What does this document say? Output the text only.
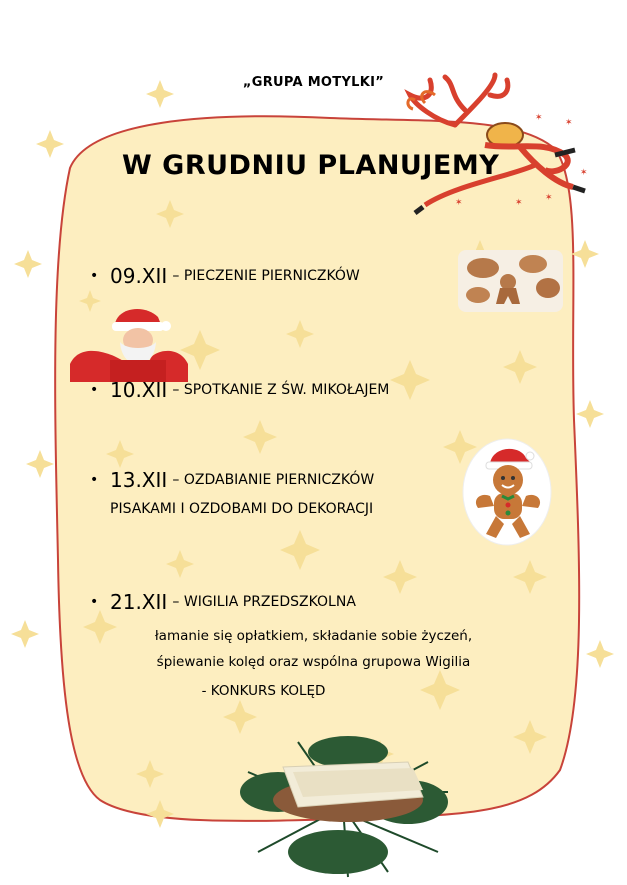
✶ ✶
✶
✶
✶	✶
„GRUPA MOTYLKI”
W GRUDNIU PLANUJEMY
• 09.XII – PIECZENIE PIERNICZKÓW
• 10.XII – SPOTKANIE Z ŚW. MIKOŁAJEM
• 13.XII – OZDABIANIE PIERNICZKÓW
PISAKAMI I OZDOBAMI DO DEKORACJI
• 21.XII – WIGILIA PRZEDSZKOLNA
łamanie się opłatkiem, składanie sobie życzeń,
śpiewanie kolęd oraz wspólna grupowa Wigilia
- KONKURS KOLĘD
